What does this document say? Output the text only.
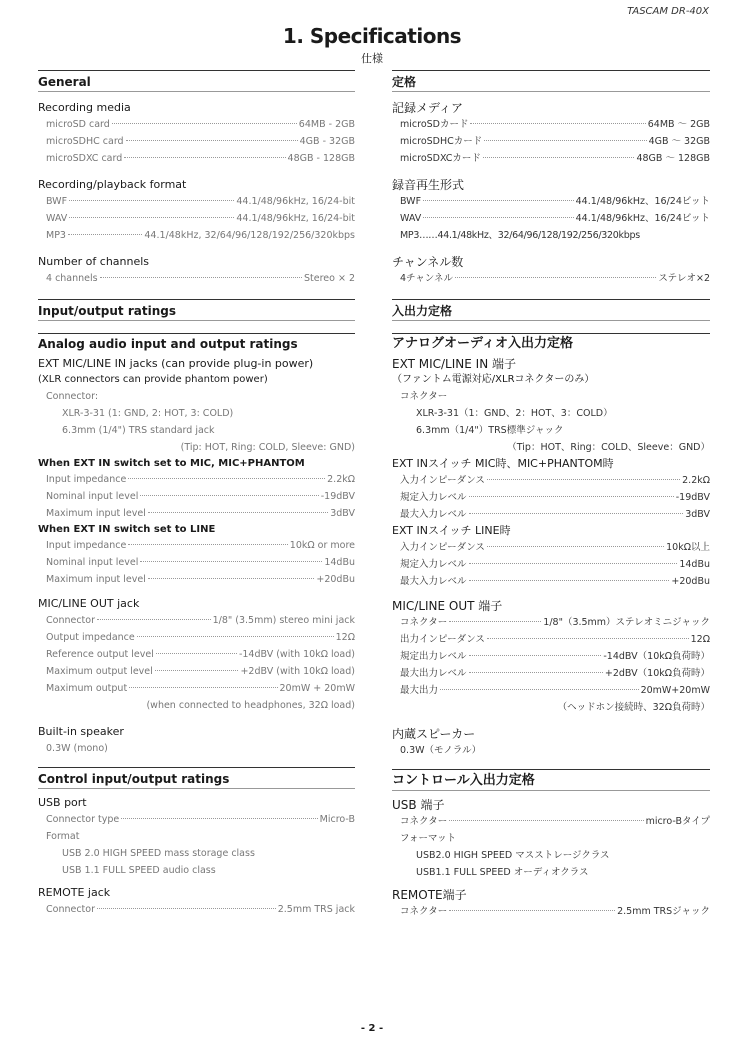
TASCAM DR-40X
1. Specifications
仕様
General
Recording media
microSD card	64MB - 2GB
microSDHC card	4GB - 32GB
microSDXC card	48GB - 128GB
Recording/playback format
BWF	44.1/48/96kHz, 16/24-bit
WAV	44.1/48/96kHz, 16/24-bit
MP3	44.1/48kHz, 32/64/96/128/192/256/320kbps
Number of channels
4 channels	Stereo × 2
Input/output ratings
Analog audio input and output ratings
EXT MIC/LINE IN jacks (can provide plug-in power)
(XLR connectors can provide phantom power)
Connector:
XLR-3-31 (1: GND, 2: HOT, 3: COLD)
6.3mm (1/4") TRS standard jack
(Tip: HOT, Ring: COLD, Sleeve: GND)
When EXT IN switch set to MIC, MIC+PHANTOM
Input impedance	2.2kΩ
Nominal input level	-19dBV
Maximum input level	3dBV
When EXT IN switch set to LINE
Input impedance	10kΩ or more
Nominal input level	14dBu
Maximum input level	+20dBu
MIC/LINE OUT jack
Connector	1/8" (3.5mm) stereo mini jack
Output impedance	12Ω
Reference output level	-14dBV (with 10kΩ load)
Maximum output level	+2dBV (with 10kΩ load)
Maximum output	20mW + 20mW
(when connected to headphones, 32Ω load)
Built-in speaker
0.3W (mono)
Control input/output ratings
USB port
Connector type	Micro-B
Format
USB 2.0 HIGH SPEED mass storage class
USB 1.1 FULL SPEED audio class
REMOTE jack
Connector	2.5mm TRS jack
定格
記録メディア
microSDカード	64MB 〜 2GB
microSDHCカード	4GB 〜 32GB
microSDXCカード	48GB 〜 128GB
録音再生形式
BWF	44.1/48/96kHz、16/24ビット
WAV	44.1/48/96kHz、16/24ビット
MP3……44.1/48kHz、32/64/96/128/192/256/320kbps
チャンネル数
4チャンネル	ステレオ×2
入出力定格
アナログオーディオ入出力定格
EXT MIC/LINE IN 端子
（ファントム電源対応/XLRコネクターのみ）
コネクター
XLR-3-31（1：GND、2：HOT、3：COLD）
6.3mm（1/4"）TRS標準ジャック
（Tip：HOT、Ring：COLD、Sleeve：GND）
EXT INスイッチ MIC時、MIC+PHANTOM時
入力インピーダンス	2.2kΩ
規定入力レベル	-19dBV
最大入力レベル	3dBV
EXT INスイッチ LINE時
入力インピーダンス	10kΩ以上
規定入力レベル	14dBu
最大入力レベル	+20dBu
MIC/LINE OUT 端子
コネクター	1/8"（3.5mm）ステレオミニジャック
出力インピーダンス	12Ω
規定出力レベル	-14dBV（10kΩ負荷時）
最大出力レベル	+2dBV（10kΩ負荷時）
最大出力	20mW+20mW
（ヘッドホン接続時、32Ω負荷時）
内蔵スピーカー
0.3W（モノラル）
コントロール入出力定格
USB 端子
コネクター	micro-Bタイプ
フォーマット
USB2.0 HIGH SPEED マスストレージクラス
USB1.1 FULL SPEED オーディオクラス
REMOTE端子
コネクター	2.5mm TRSジャック
- 2 -
